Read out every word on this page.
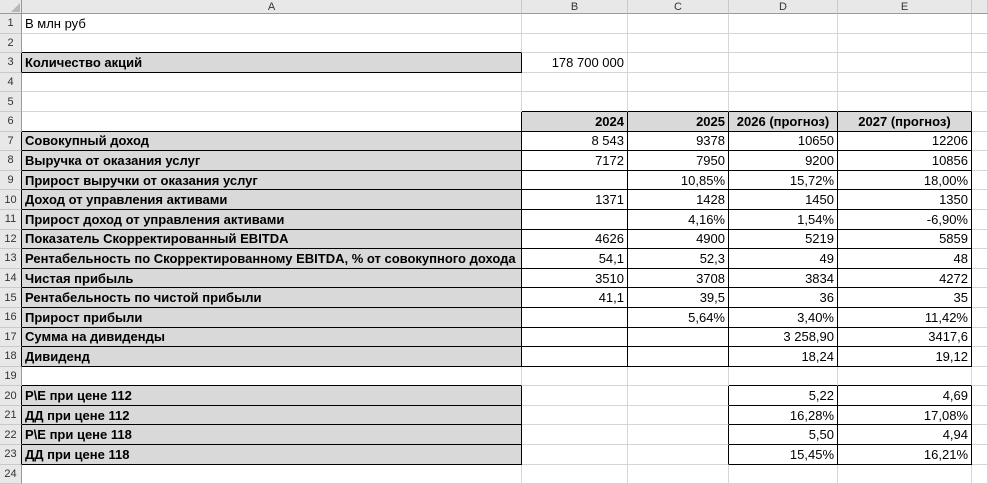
	A	B	C	D	E	
1	В млн руб					
2						
3	Количество акций	178 700 000				
4						
5						
6		2024	2025	2026 (прогноз)	2027 (прогноз)	
7	Совокупный доход	8 543	9378	10650	12206	
8	Выручка от оказания услуг	7172	7950	9200	10856	
9	Прирост выручки от оказания услуг		10,85%	15,72%	18,00%	
10	Доход от управления активами	1371	1428	1450	1350	
11	Прирост доход от управления активами		4,16%	1,54%	-6,90%	
12	Показатель Скорректированный EBITDA	4626	4900	5219	5859	
13	Рентабельность по Скорректированному EBITDA, % от совокупного дохода	54,1	52,3	49	48	
14	Чистая прибыль	3510	3708	3834	4272	
15	Рентабельность по чистой прибыли	41,1	39,5	36	35	
16	Прирост прибыли		5,64%	3,40%	11,42%	
17	Сумма на дивиденды			3 258,90	3417,6	
18	Дивиденд			18,24	19,12	
19						
20	P\E при цене 112			5,22	4,69	
21	ДД при цене 112			16,28%	17,08%	
22	P\E при цене 118			5,50	4,94	
23	ДД при цене 118			15,45%	16,21%	
24						
